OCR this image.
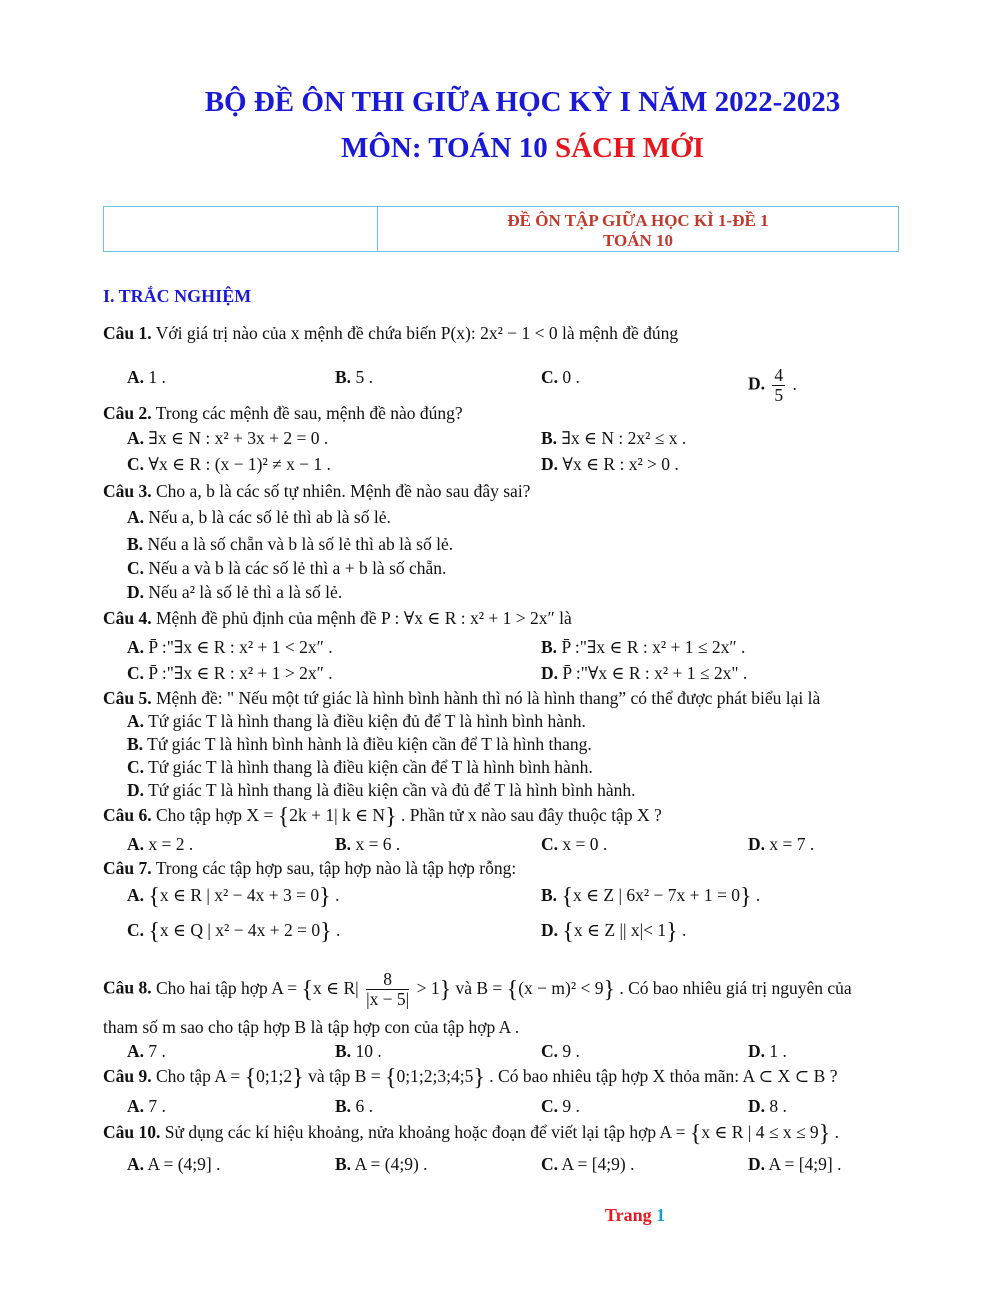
BỘ ĐỀ ÔN THI GIỮA HỌC KỲ I NĂM 2022-2023
MÔN: TOÁN 10 SÁCH MỚI
ĐỀ ÔN TẬP GIỮA HỌC KÌ 1-ĐỀ 1
TOÁN 10
I. TRẮC NGHIỆM
Câu 1. Với giá trị nào của x mệnh đề chứa biến P(x): 2x² − 1 < 0 là mệnh đề đúng
A. 1 .	B. 5 .	C. 0 .	D. $\frac{4}{5}$ .
Câu 2. Trong các mệnh đề sau, mệnh đề nào đúng?
A. ∃x ∈ N : x² + 3x + 2 = 0 .	B. ∃x ∈ N : 2x² ≤ x .
C. ∀x ∈ R : (x − 1)² ≠ x − 1 .	D. ∀x ∈ R : x² > 0 .
Câu 3. Cho a, b là các số tự nhiên. Mệnh đề nào sau đây sai?
A. Nếu a, b là các số lẻ thì ab là số lẻ.
B. Nếu a là số chẵn và b là số lẻ thì ab là số lẻ.
C. Nếu a và b là các số lẻ thì a + b là số chẵn.
D. Nếu a² là số lẻ thì a là số lẻ.
Câu 4. Mệnh đề phủ định của mệnh đề P : ∀x ∈ R : x² + 1 > 2x″ là
A. P̄ :"∃x ∈ R : x² + 1 < 2x″ .	B. P̄ :"∃x ∈ R : x² + 1 ≤ 2x″ .
C. P̄ :"∃x ∈ R : x² + 1 > 2x″ .	D. P̄ :"∀x ∈ R : x² + 1 ≤ 2x" .
Câu 5. Mệnh đề: " Nếu một tứ giác là hình bình hành thì nó là hình thang” có thể được phát biểu lại là
A. Tứ giác T là hình thang là điều kiện đủ để T là hình bình hành.
B. Tứ giác T là hình bình hành là điều kiện cần để T là hình thang.
C. Tứ giác T là hình thang là điều kiện cần để T là hình bình hành.
D. Tứ giác T là hình thang là điều kiện cần và đủ để T là hình bình hành.
Câu 6. Cho tập hợp X = {2k + 1| k ∈ N} . Phần tử x nào sau đây thuộc tập X ?
A. x = 2 .	B. x = 6 .	C. x = 0 .	D. x = 7 .
Câu 7. Trong các tập hợp sau, tập hợp nào là tập hợp rỗng:
A. {x ∈ R | x² − 4x + 3 = 0} .	B. {x ∈ Z | 6x² − 7x + 1 = 0} .
C. {x ∈ Q | x² − 4x + 2 = 0} .	D. {x ∈ Z || x|< 1} .
Câu 8. Cho hai tập hợp A = {x ∈ $R| \frac{8}{|x - 5|} > 1$} và B = {(x − m)² < 9} . Có bao nhiêu giá trị nguyên của
tham số m sao cho tập hợp B là tập hợp con của tập hợp A .
A. 7 .	B. 10 .	C. 9 .	D. 1 .
Câu 9. Cho tập A = {0;1;2} và tập B = {0;1;2;3;4;5} . Có bao nhiêu tập hợp X thỏa mãn: A ⊂ X ⊂ B ?
A. 7 .	B. 6 .	C. 9 .	D. 8 .
Câu 10. Sử dụng các kí hiệu khoảng, nửa khoảng hoặc đoạn để viết lại tập hợp A = {x ∈ R | 4 ≤ x ≤ 9} .
A. A = (4;9] .	B. A = (4;9) .	C. A = [4;9) .	D. A = [4;9] .
Trang 1
